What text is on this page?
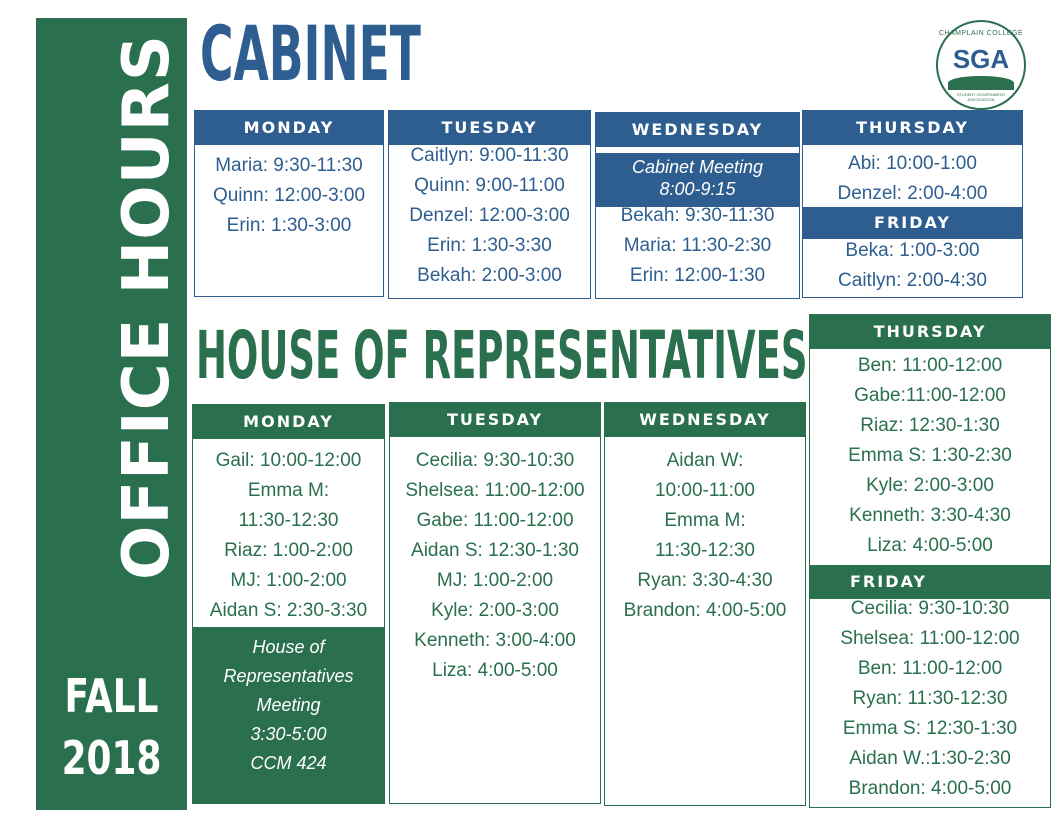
OFFICE HOURS
FALL
2018
CABINET
HOUSE OF REPRESENTATIVES
CHAMPLAIN COLLEGE
SGA
STUDENT GOVERNMENT ASSOCIATION
MONDAY
Maria: 9:30-11:30
Quinn: 12:00-3:00
Erin: 1:30-3:00
TUESDAY
Caitlyn: 9:00-11:30
Quinn: 9:00-11:00
Denzel: 12:00-3:00
Erin: 1:30-3:30
Bekah: 2:00-3:00
WEDNESDAY
Cabinet Meeting
8:00-9:15
Bekah: 9:30-11:30
Maria: 11:30-2:30
Erin: 12:00-1:30
THURSDAY
Abi: 10:00-1:00
Denzel: 2:00-4:00
FRIDAY
Beka: 1:00-3:00
Caitlyn: 2:00-4:30
MONDAY
Gail: 10:00-12:00
Emma M:
11:30-12:30
Riaz: 1:00-2:00
MJ: 1:00-2:00
Aidan S: 2:30-3:30
House of
Representatives
Meeting
3:30-5:00
CCM 424
TUESDAY
Cecilia: 9:30-10:30
Shelsea: 11:00-12:00
Gabe: 11:00-12:00
Aidan S: 12:30-1:30
MJ: 1:00-2:00
Kyle: 2:00-3:00
Kenneth: 3:00-4:00
Liza: 4:00-5:00
WEDNESDAY
Aidan W:
10:00-11:00
Emma M:
11:30-12:30
Ryan: 3:30-4:30
Brandon: 4:00-5:00
THURSDAY
Ben: 11:00-12:00
Gabe:11:00-12:00
Riaz: 12:30-1:30
Emma S: 1:30-2:30
Kyle: 2:00-3:00
Kenneth: 3:30-4:30
Liza: 4:00-5:00
FRIDAY
Cecilia: 9:30-10:30
Shelsea: 11:00-12:00
Ben: 11:00-12:00
Ryan: 11:30-12:30
Emma S: 12:30-1:30
Aidan W.:1:30-2:30
Brandon: 4:00-5:00
